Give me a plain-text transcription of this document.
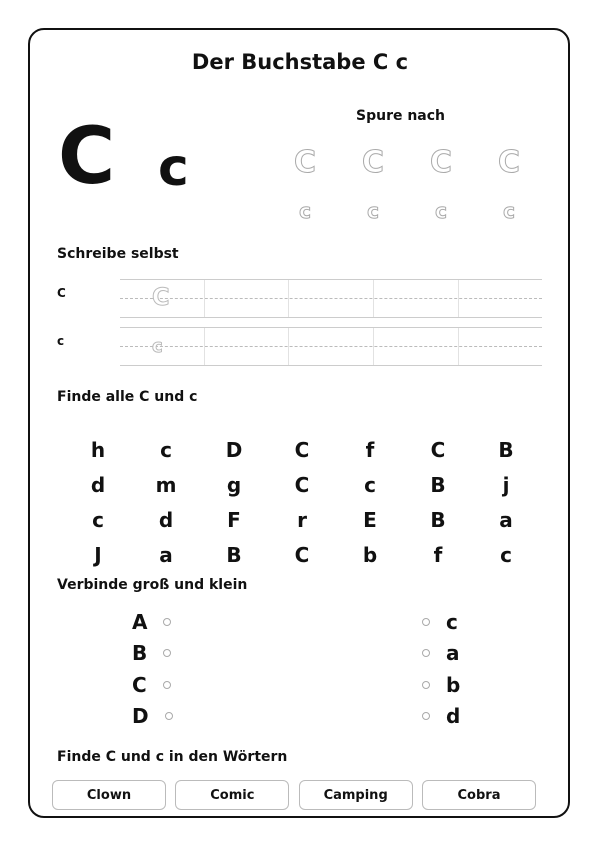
Der Buchstabe C c
C c
Spure nach
C C C C
c	c	c	c
Schreibe selbst
C	C
c	c
Finde alle C und c
h	c	D	C	f	C	B
d	m	g	C	c	B	j
c	d	F	r	E	B	a
J	a	B	C	b	f	c
Verbinde groß und klein
A
B
C
D
c
a
b
d
Finde C und c in den Wörtern
Clown	Comic	Camping	Cobra
